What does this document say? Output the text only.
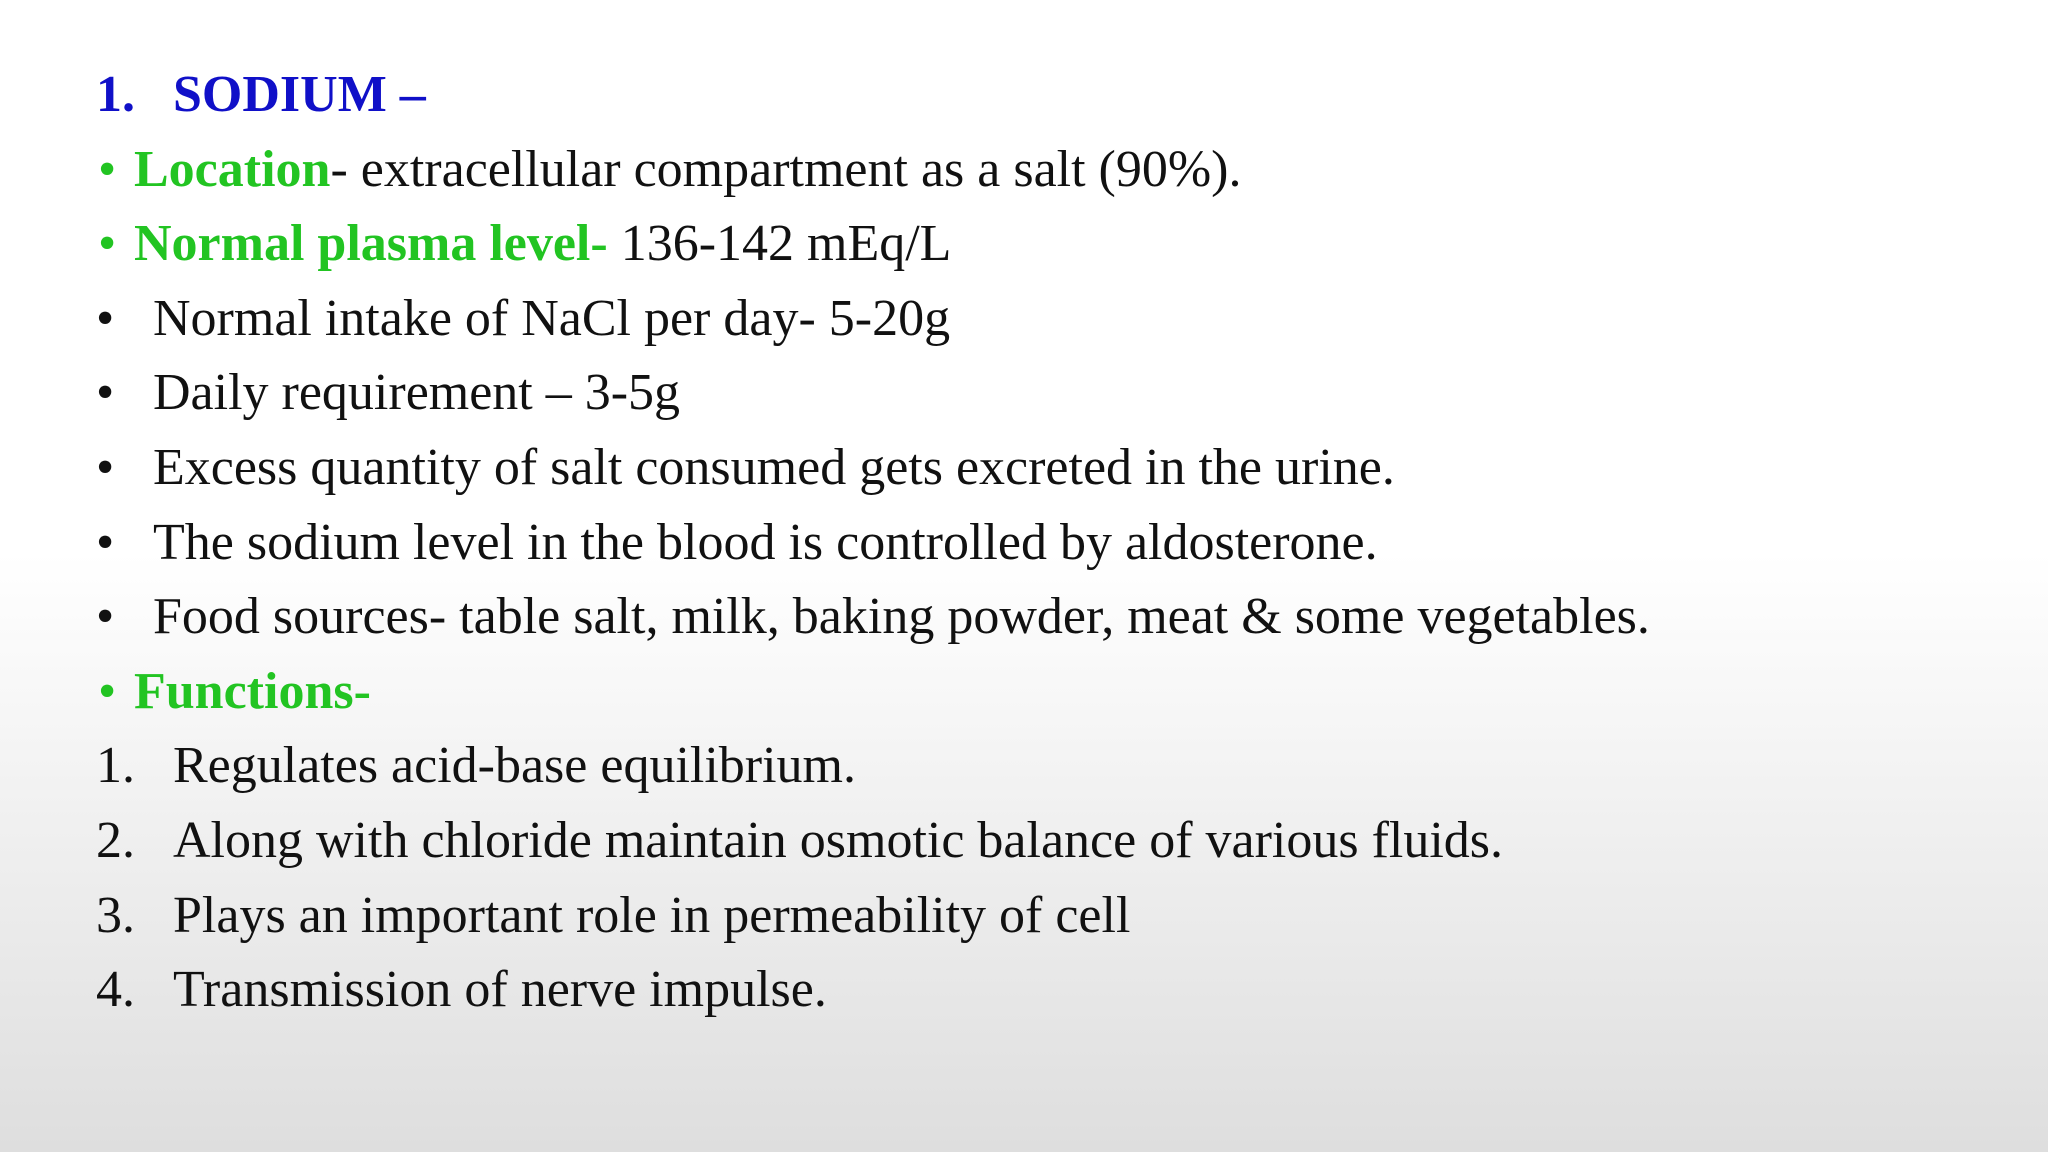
1. SODIUM –
• Location- extracellular compartment as a salt (90%).
• Normal plasma level- 136-142 mEq/L
• Normal intake of NaCl per day- 5-20g
• Daily requirement – 3-5g
• Excess quantity of salt consumed gets excreted in the urine.
• The sodium level in the blood is controlled by aldosterone.
• Food sources- table salt, milk, baking powder, meat & some vegetables.
• Functions-
1. Regulates acid-base equilibrium.
2. Along with chloride maintain osmotic balance of various fluids.
3. Plays an important role in permeability of cell
4. Transmission of nerve impulse.
